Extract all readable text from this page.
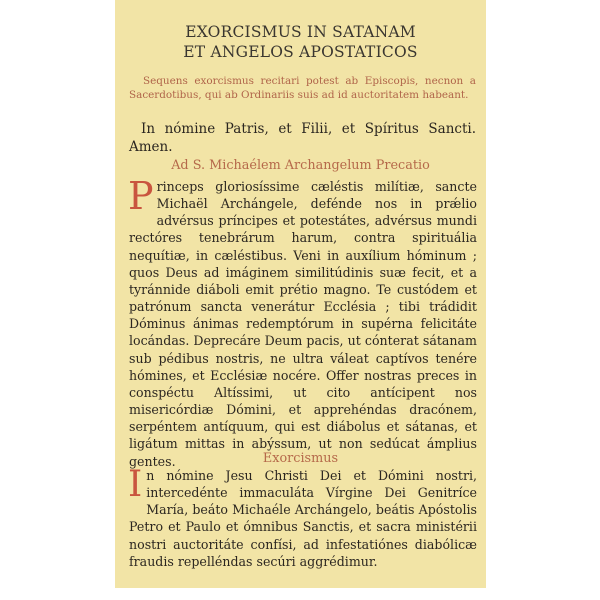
EXORCISMUS IN SATANAM
ET ANGELOS APOSTATICOS
Sequens exorcismus recitari potest ab Episcopis, necnon a Sacerdotibus, qui ab Ordinariis suis ad id auctoritatem habeant.
In nómine Patris, et Filii, et Spíritus Sancti. Amen.
Ad S. Michaélem Archangelum Precatio
Princeps gloriosíssime cæléstis milítiæ, sancte Michaël Archángele, defénde nos in prǽlio advérsus príncipes et potestátes, advérsus mundi rectóres tenebrárum harum, contra spirituália nequítiæ, in cæléstibus. Veni in auxílium hóminum ; quos Deus ad imáginem similitúdinis suæ fecit, et a tyránnide diáboli emit prétio magno. Te custódem et patrónum sancta venerátur Ecclésia ; tibi trádidit Dóminus ánimas redemptórum in supérna felicitáte locándas. Deprecáre Deum pacis, ut cónterat sátanam sub pédibus nostris, ne ultra váleat captívos tenére hómines, et Ecclésiæ nocére. Offer nostras preces in conspéctu Altíssimi, ut cito antícipent nos misericórdiæ Dómini, et apprehéndas dracónem, serpéntem antíquum, qui est diábolus et sátanas, et ligátum mittas in abýssum, ut non sedúcat ámplius gentes.	Exorcismus
In nómine Jesu Christi Dei et Dómini nostri, intercedénte immaculáta Vírgine Dei Genitríce María, beáto Michaéle Archángelo, beátis Apóstolis Petro et Paulo et ómnibus Sanctis, et sacra ministérii nostri auctoritáte confísi, ad infestatiónes diabólicæ fraudis repelléndas secúri aggrédimur.
